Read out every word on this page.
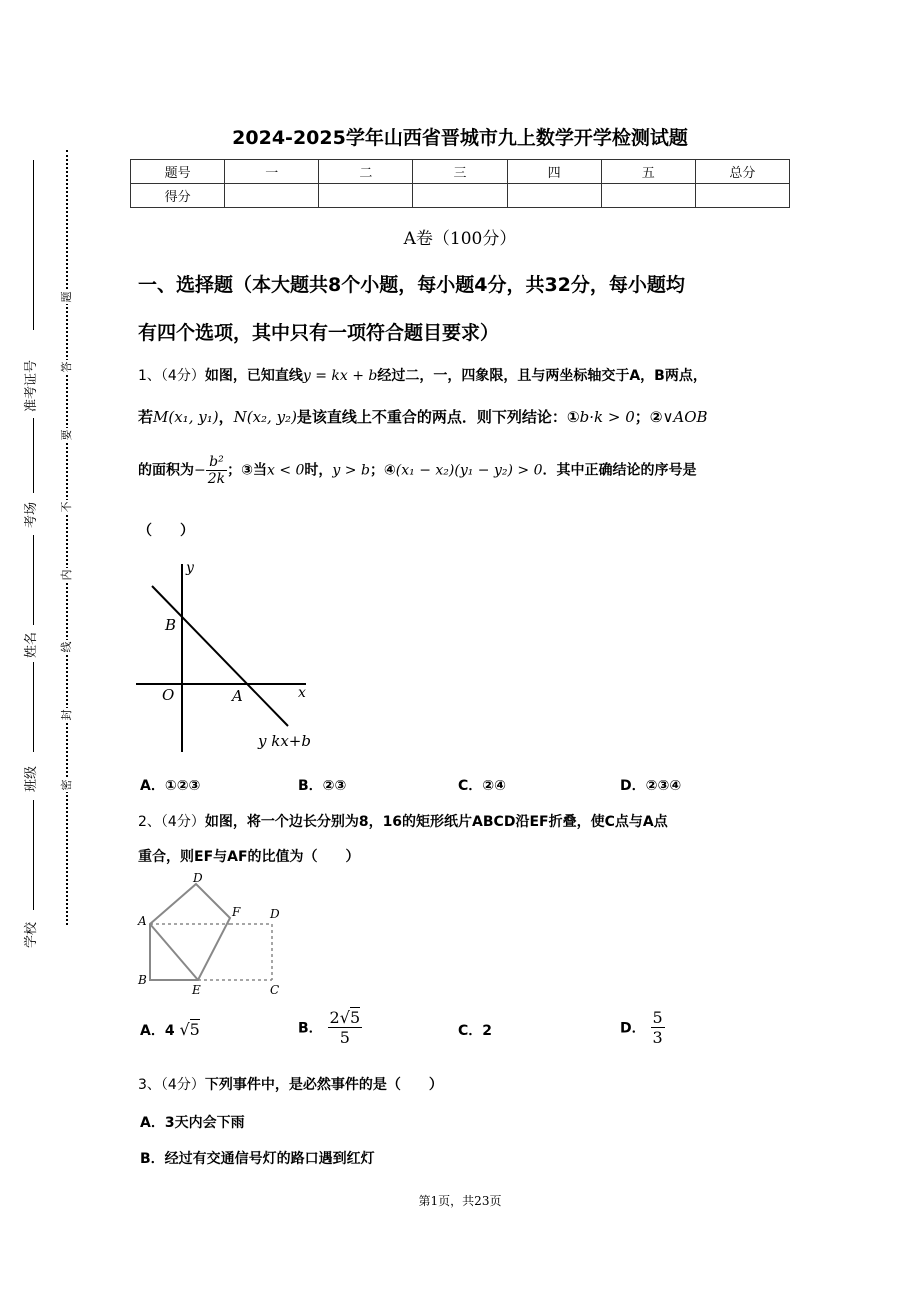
准考证号
考场
姓名
班级
学校
题
答
要
不
内
线
封
密
2024-2025学年山西省晋城市九上数学开学检测试题
题号	一	二	三	四	五	总分
得分						
A卷（100分）
一、选择题（本大题共8个小题，每小题4分，共32分，每小题均
有四个选项，其中只有一项符合题目要求）
1、（4分）如图，已知直线y = kx + b经过二，一，四象限，且与两坐标轴交于A，B两点，
若M(x₁, y₁)，N(x₂, y₂)是该直线上不重合的两点．则下列结论：①b·k > 0；②∨AOB
的面积为− $\frac{\text{b²}}{2k}$ ；③当x < 0时，y > b；④(x₁ − x₂)(y₁ − y₂) > 0．其中正确结论的序号是
（　　）
y
x
B
O	A
y kx+b
A．①②③	B．②③	C．②④	D．②③④
2、（4分）如图，将一个边长分别为8，16的矩形纸片ABCD沿EF折叠，使C点与A点
重合，则EF与AF的比值为（　　）
D
A
F D
B
E	C
A．4 √5	B． $\frac{2√5}{5}$	C．2	D． $\frac{5}{3}$
3、（4分）下列事件中，是必然事件的是（　　）
A．3天内会下雨
B．经过有交通信号灯的路口遇到红灯
第1页，共23页
